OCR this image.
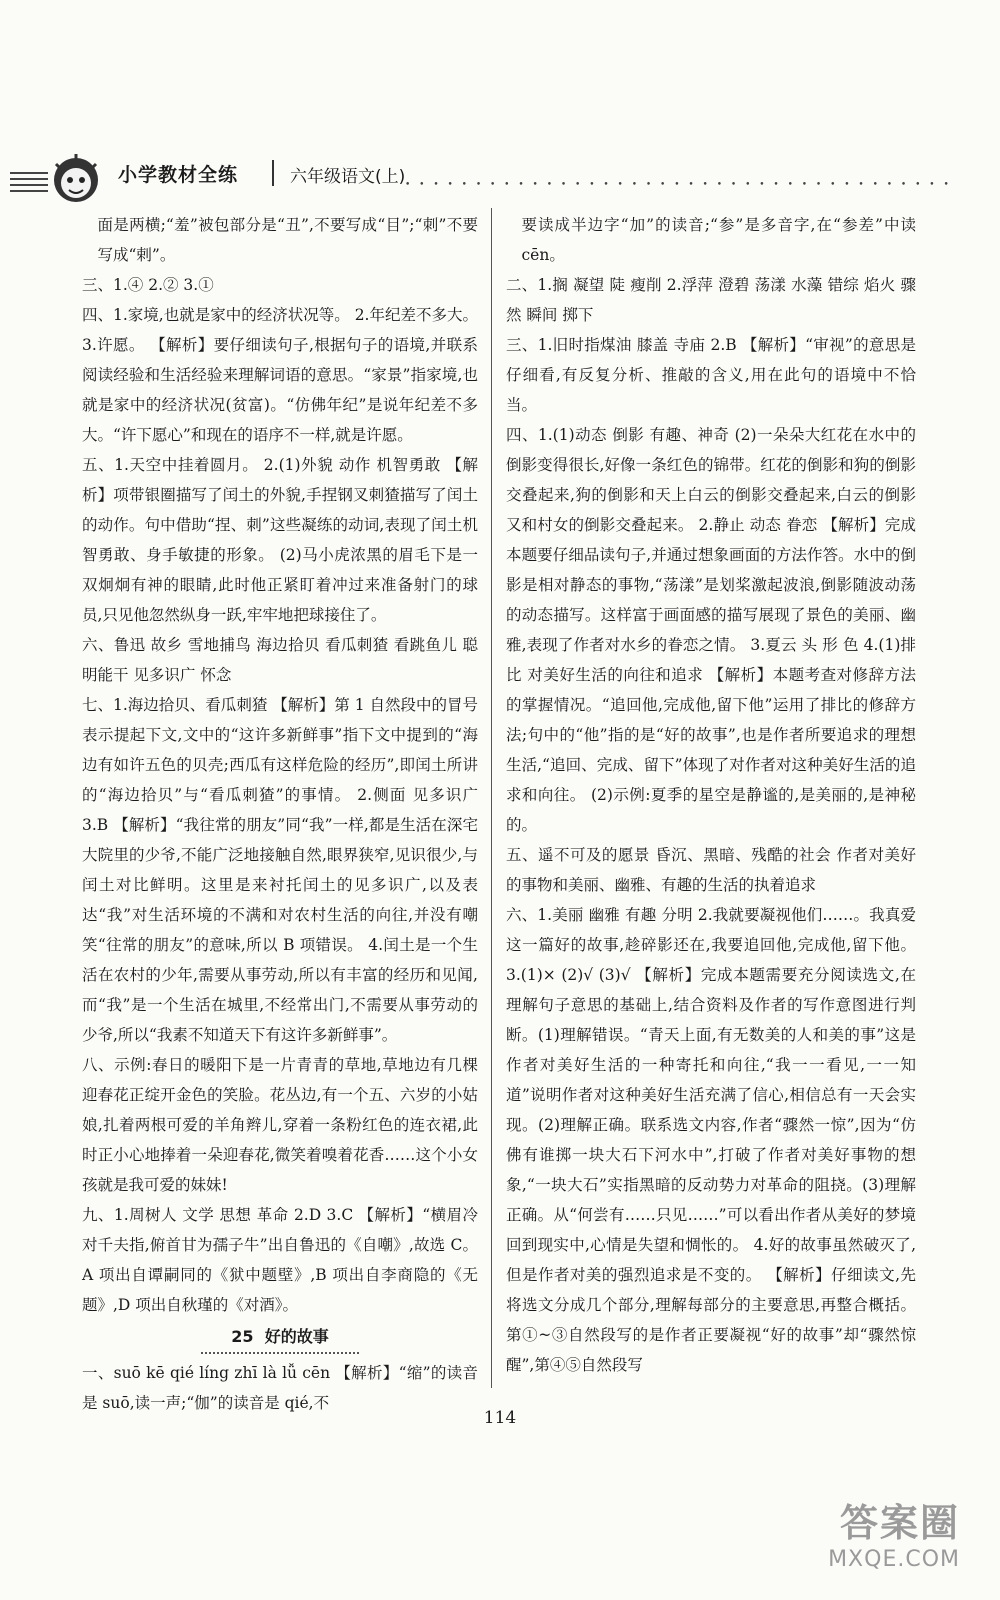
小学教材全练	六年级语文(上) • • • • • • • • • • • • • • • • • • • • • • • • • • • • • • • • • • • • • • •

面是两横;“羞”被包部分是“丑”,不要写成“目”;“刺”不要写成“剌”。

三、1.④ 2.② 3.①

四、1.家境,也就是家中的经济状况等。 2.年纪差不多大。 3.许愿。 【解析】要仔细读句子,根据句子的语境,并联系阅读经验和生活经验来理解词语的意思。“家景”指家境,也就是家中的经济状况(贫富)。“仿佛年纪”是说年纪差不多大。“许下愿心”和现在的语序不一样,就是许愿。

五、1.天空中挂着圆月。 2.(1)外貌 动作 机智勇敢 【解析】项带银圈描写了闰土的外貌,手捏钢叉刺猹描写了闰土的动作。句中借助“捏、刺”这些凝练的动词,表现了闰土机智勇敢、身手敏捷的形象。 (2)马小虎浓黑的眉毛下是一双炯炯有神的眼睛,此时他正紧盯着冲过来准备射门的球员,只见他忽然纵身一跃,牢牢地把球接住了。

六、鲁迅 故乡 雪地捕鸟 海边拾贝 看瓜刺猹 看跳鱼儿 聪明能干 见多识广 怀念

七、1.海边拾贝、看瓜刺猹 【解析】第 1 自然段中的冒号表示提起下文,文中的“这许多新鲜事”指下文中提到的“海边有如许五色的贝壳;西瓜有这样危险的经历”,即闰土所讲的“海边拾贝”与“看瓜刺猹”的事情。 2.侧面 见多识广 3.B 【解析】“我往常的朋友”同“我”一样,都是生活在深宅大院里的少爷,不能广泛地接触自然,眼界狭窄,见识很少,与闰土对比鲜明。这里是来衬托闰土的见多识广,以及表达“我”对生活环境的不满和对农村生活的向往,并没有嘲笑“往常的朋友”的意味,所以 B 项错误。 4.闰土是一个生活在农村的少年,需要从事劳动,所以有丰富的经历和见闻,而“我”是一个生活在城里,不经常出门,不需要从事劳动的少爷,所以“我素不知道天下有这许多新鲜事”。

八、示例:春日的暖阳下是一片青青的草地,草地边有几棵迎春花正绽开金色的笑脸。花丛边,有一个五、六岁的小姑娘,扎着两根可爱的羊角辫儿,穿着一条粉红色的连衣裙,此时正小心地捧着一朵迎春花,微笑着嗅着花香……这个小女孩就是我可爱的妹妹!

九、1.周树人 文学 思想 革命 2.D 3.C 【解析】“横眉冷对千夫指,俯首甘为孺子牛”出自鲁迅的《自嘲》,故选 C。A 项出自谭嗣同的《狱中题壁》,B 项出自李商隐的《无题》,D 项出自秋瑾的《对酒》。

25 好的故事

一、suō kē qié líng zhī là lǚ cēn 【解析】“缩”的读音是 suō,读一声;“伽”的读音是 qié,不

要读成半边字“加”的读音;“参”是多音字,在“参差”中读 cēn。

二、1.搁 凝望 陡 瘦削 2.浮萍 澄碧 荡漾 水藻 错综 焰火 骤然 瞬间 掷下

三、1.旧时指煤油 膝盖 寺庙 2.B 【解析】“审视”的意思是仔细看,有反复分析、推敲的含义,用在此句的语境中不恰当。

四、1.(1)动态 倒影 有趣、神奇 (2)一朵朵大红花在水中的倒影变得很长,好像一条红色的锦带。红花的倒影和狗的倒影交叠起来,狗的倒影和天上白云的倒影交叠起来,白云的倒影又和村女的倒影交叠起来。 2.静止 动态 眷恋 【解析】完成本题要仔细品读句子,并通过想象画面的方法作答。水中的倒影是相对静态的事物,“荡漾”是划桨激起波浪,倒影随波动荡的动态描写。这样富于画面感的描写展现了景色的美丽、幽雅,表现了作者对水乡的眷恋之情。 3.夏云 头 形 色 4.(1)排比 对美好生活的向往和追求 【解析】本题考查对修辞方法的掌握情况。“追回他,完成他,留下他”运用了排比的修辞方法;句中的“他”指的是“好的故事”,也是作者所要追求的理想生活,“追回、完成、留下”体现了对作者对这种美好生活的追求和向往。 (2)示例:夏季的星空是静谧的,是美丽的,是神秘的。

五、遥不可及的愿景 昏沉、黑暗、残酷的社会 作者对美好的事物和美丽、幽雅、有趣的生活的执着追求

六、1.美丽 幽雅 有趣 分明 2.我就要凝视他们……。我真爱这一篇好的故事,趁碎影还在,我要追回他,完成他,留下他。 3.(1)× (2)√ (3)√ 【解析】完成本题需要充分阅读选文,在理解句子意思的基础上,结合资料及作者的写作意图进行判断。(1)理解错误。“青天上面,有无数美的人和美的事”这是作者对美好生活的一种寄托和向往,“我一一看见,一一知道”说明作者对这种美好生活充满了信心,相信总有一天会实现。(2)理解正确。联系选文内容,作者“骤然一惊”,因为“仿佛有谁掷一块大石下河水中”,打破了作者对美好事物的想象,“一块大石”实指黑暗的反动势力对革命的阻挠。(3)理解正确。从“何尝有……只见……”可以看出作者从美好的梦境回到现实中,心情是失望和惆怅的。 4.好的故事虽然破灭了,但是作者对美的强烈追求是不变的。 【解析】仔细读文,先将选文分成几个部分,理解每部分的主要意思,再整合概括。第①~③自然段写的是作者正要凝视“好的故事”却“骤然惊醒”,第④⑤自然段写

114
答案圈
MXQE.COM
